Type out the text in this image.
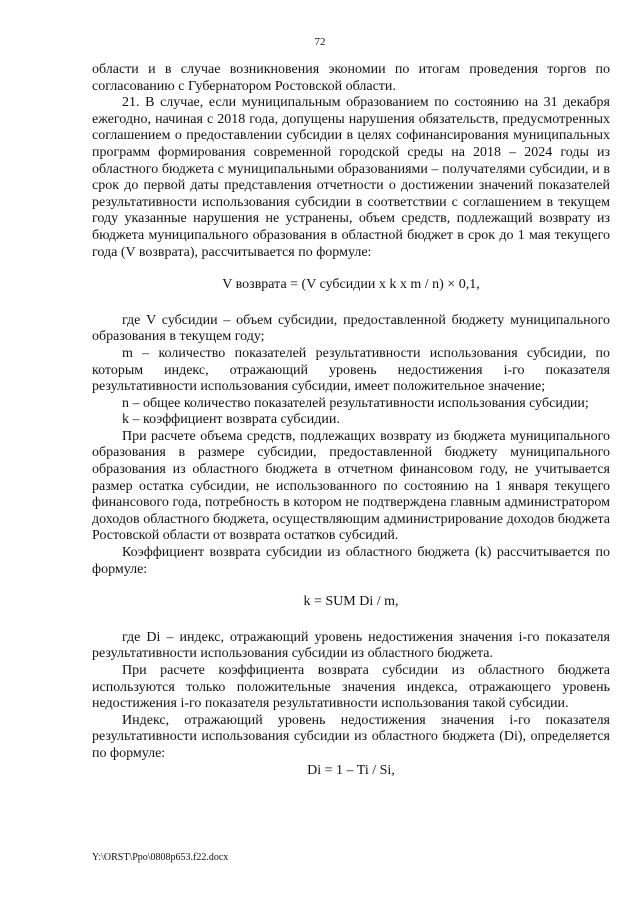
72

области и в случае возникновения экономии по итогам проведения торгов по согласованию с Губернатором Ростовской области.

21. В случае, если муниципальным образованием по состоянию на 31 декабря ежегодно, начиная с 2018 года, допущены нарушения обязательств, предусмотренных соглашением о предоставлении субсидии в целях софинансирования муниципальных программ формирования современной городской среды на 2018 – 2024 годы из областного бюджета с муниципальными образованиями – получателями субсидии, и в срок до первой даты представления отчетности о достижении значений показателей результативности использования субсидии в соответствии с соглашением в текущем году указанные нарушения не устранены, объем средств, подлежащий возврату из бюджета муниципального образования в областной бюджет в срок до 1 мая текущего года (V возврата), рассчитывается по формуле:

V возврата = (V субсидии x k x m / n) × 0,1,

где V субсидии – объем субсидии, предоставленной бюджету муниципального образования в текущем году;

m – количество показателей результативности использования субсидии, по которым индекс, отражающий уровень недостижения i-го показателя результативности использования субсидии, имеет положительное значение;

n – общее количество показателей результативности использования субсидии;

k – коэффициент возврата субсидии.

При расчете объема средств, подлежащих возврату из бюджета муниципального образования в размере субсидии, предоставленной бюджету муниципального образования из областного бюджета в отчетном финансовом году, не учитывается размер остатка субсидии, не использованного по состоянию на 1 января текущего финансового года, потребность в котором не подтверждена главным администратором доходов областного бюджета, осуществляющим администрирование доходов бюджета Ростовской области от возврата остатков субсидий.

Коэффициент возврата субсидии из областного бюджета (k) рассчитывается по формуле:

k = SUM Di / m,

где Di – индекс, отражающий уровень недостижения значения i-го показателя результативности использования субсидии из областного бюджета.

При расчете коэффициента возврата субсидии из областного бюджета используются только положительные значения индекса, отражающего уровень недостижения i-го показателя результативности использования такой субсидии.

Индекс, отражающий уровень недостижения значения i-го показателя результативности использования субсидии из областного бюджета (Di), определяется по формуле:

Di = 1 – Ti / Si,

Y:\ORST\Ppo\0808p653.f22.docx
